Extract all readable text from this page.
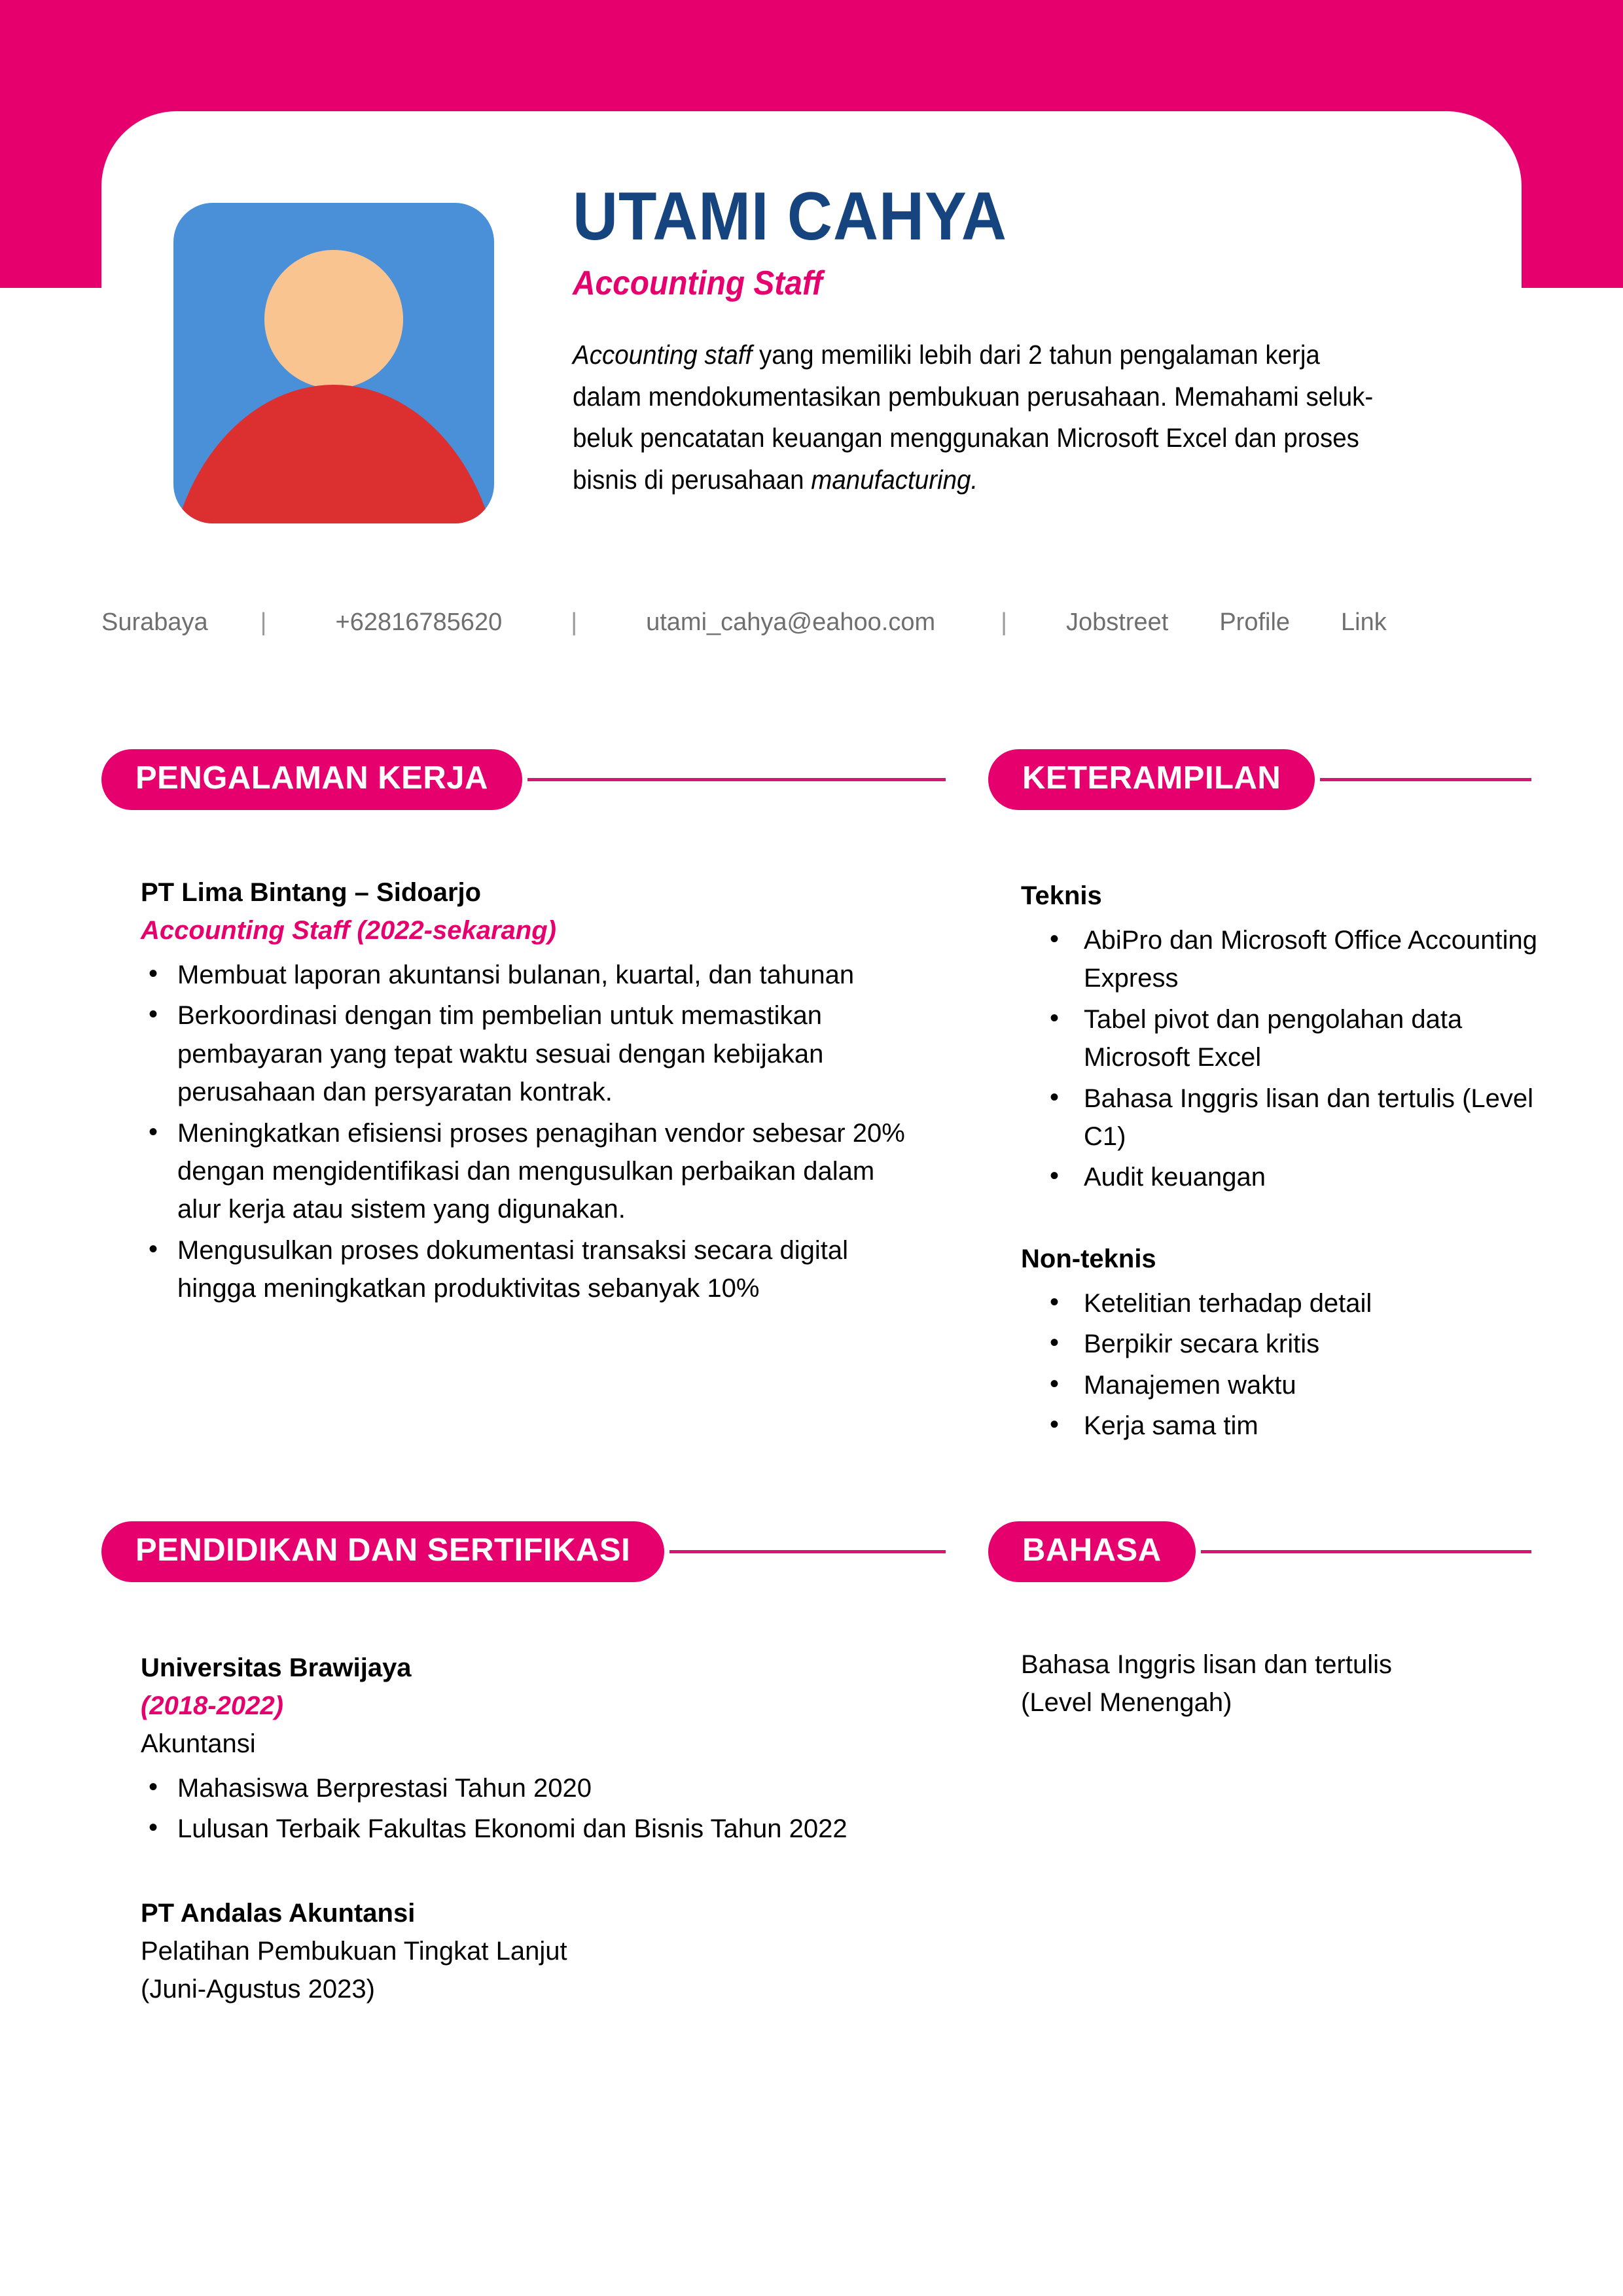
UTAMI CAHYA
Accounting Staff
Accounting staff yang memiliki lebih dari 2 tahun pengalaman kerja dalam mendokumentasikan pembukuan perusahaan. Memahami seluk-beluk pencatatan keuangan menggunakan Microsoft Excel dan proses bisnis di perusahaan manufacturing.
Surabaya |	+62816785620	|	utami_cahya@eahoo.com	| Jobstreet Profile Link
PENGALAMAN KERJA
PT Lima Bintang – Sidoarjo
Accounting Staff (2022-sekarang)
• Membuat laporan akuntansi bulanan, kuartal, dan tahunan
• Berkoordinasi dengan tim pembelian untuk memastikan pembayaran yang tepat waktu sesuai dengan kebijakan perusahaan dan persyaratan kontrak.
• Meningkatkan efisiensi proses penagihan vendor sebesar 20% dengan mengidentifikasi dan mengusulkan perbaikan dalam alur kerja atau sistem yang digunakan.
• Mengusulkan proses dokumentasi transaksi secara digital hingga meningkatkan produktivitas sebanyak 10%
KETERAMPILAN
Teknis
• AbiPro dan Microsoft Office Accounting Express
• Tabel pivot dan pengolahan data Microsoft Excel
• Bahasa Inggris lisan dan tertulis (Level C1)
• Audit keuangan
Non-teknis
• Ketelitian terhadap detail
• Berpikir secara kritis
• Manajemen waktu
• Kerja sama tim
PENDIDIKAN DAN SERTIFIKASI
Universitas Brawijaya
(2018-2022)
Akuntansi
• Mahasiswa Berprestasi Tahun 2020
• Lulusan Terbaik Fakultas Ekonomi dan Bisnis Tahun 2022
PT Andalas Akuntansi
Pelatihan Pembukuan Tingkat Lanjut
(Juni-Agustus 2023)
BAHASA
Bahasa Inggris lisan dan tertulis
(Level Menengah)
